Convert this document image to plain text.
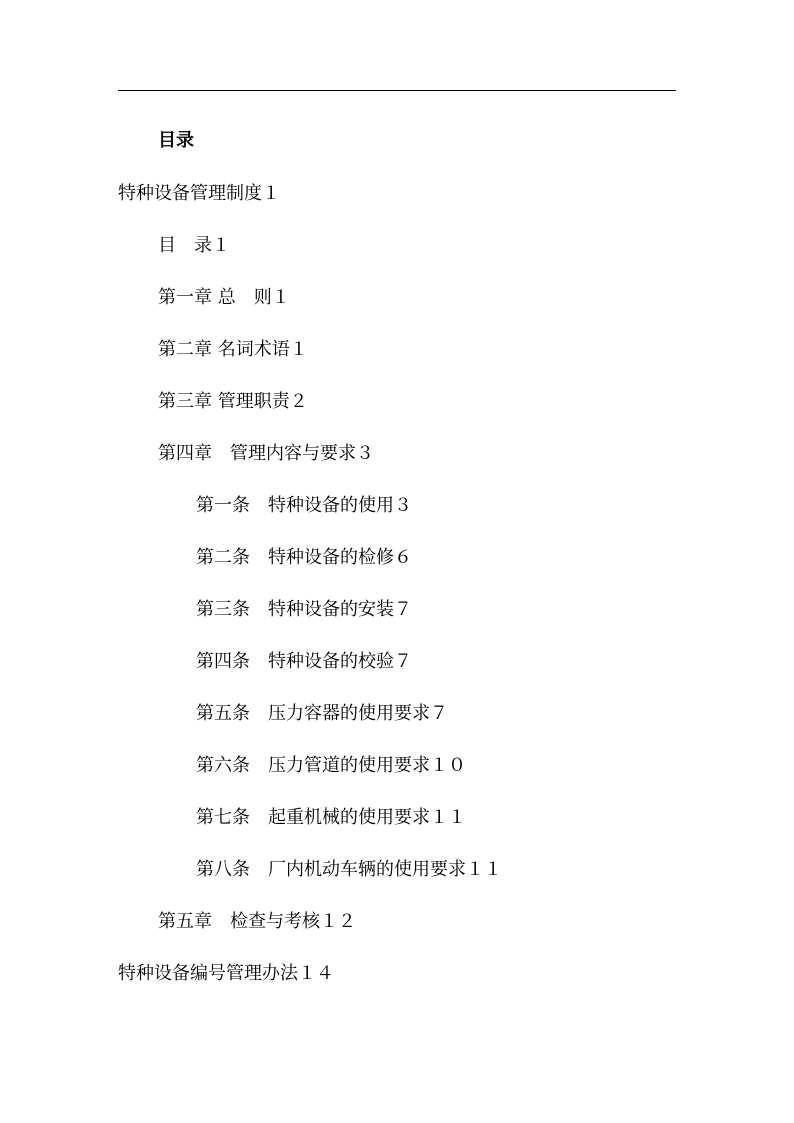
目录
特种设备管理制度１
目　录１
第一章 总　则１
第二章 名词术语１
第三章 管理职责２
第四章　管理内容与要求３
第一条　特种设备的使用３
第二条　特种设备的检修６
第三条　特种设备的安装７
第四条　特种设备的校验７
第五条　压力容器的使用要求７
第六条　压力管道的使用要求１０
第七条　起重机械的使用要求１１
第八条　厂内机动车辆的使用要求１１
第五章　检查与考核１２
特种设备编号管理办法１４
